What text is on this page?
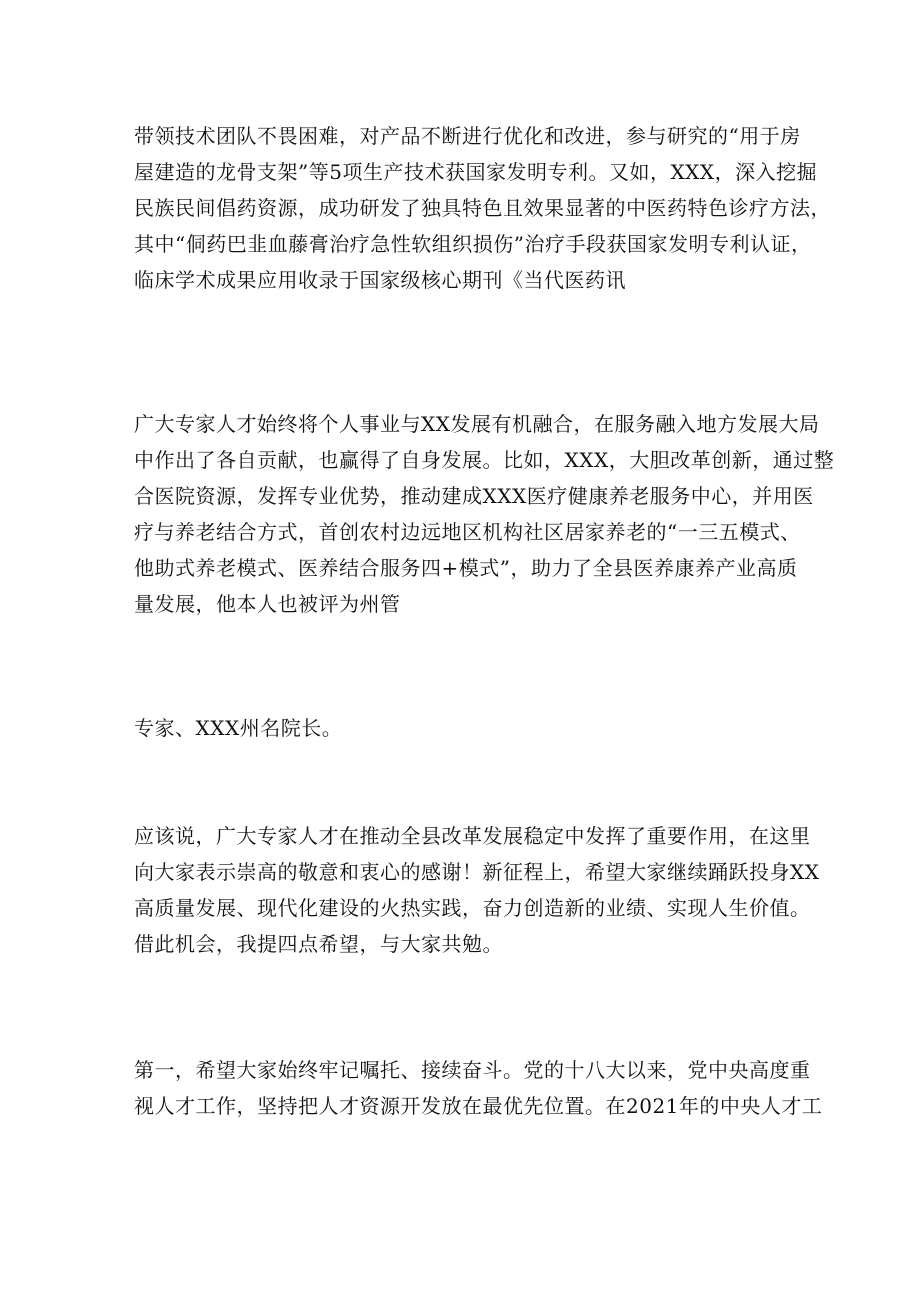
带领技术团队不畏困难，对产品不断进行优化和改进，参与研究的“用于房
屋建造的龙骨支架”等5项生产技术获国家发明专利。又如，XXX，深入挖掘
民族民间倡药资源，成功研发了独具特色且效果显著的中医药特色诊疗方法，
其中“侗药巴韭血藤膏治疗急性软组织损伤”治疗手段获国家发明专利认证，
临床学术成果应用收录于国家级核心期刊《当代医药讯

广大专家人才始终将个人事业与XX发展有机融合，在服务融入地方发展大局
中作出了各自贡献，也赢得了自身发展。比如，XXX，大胆改革创新，通过整
合医院资源，发挥专业优势，推动建成XXX医疗健康养老服务中心，并用医
疗与养老结合方式，首创农村边远地区机构社区居家养老的“一三五模式、
他助式养老模式、医养结合服务四+模式”，助力了全县医养康养产业高质
量发展，他本人也被评为州管

专家、XXX州名院长。

应该说，广大专家人才在推动全县改革发展稳定中发挥了重要作用，在这里
向大家表示崇高的敬意和衷心的感谢！新征程上，希望大家继续踊跃投身XX
高质量发展、现代化建设的火热实践，奋力创造新的业绩、实现人生价值。
借此机会，我提四点希望，与大家共勉。

第一，希望大家始终牢记嘱托、接续奋斗。党的十八大以来，党中央高度重
视人才工作，坚持把人才资源开发放在最优先位置。在2021年的中央人才工
